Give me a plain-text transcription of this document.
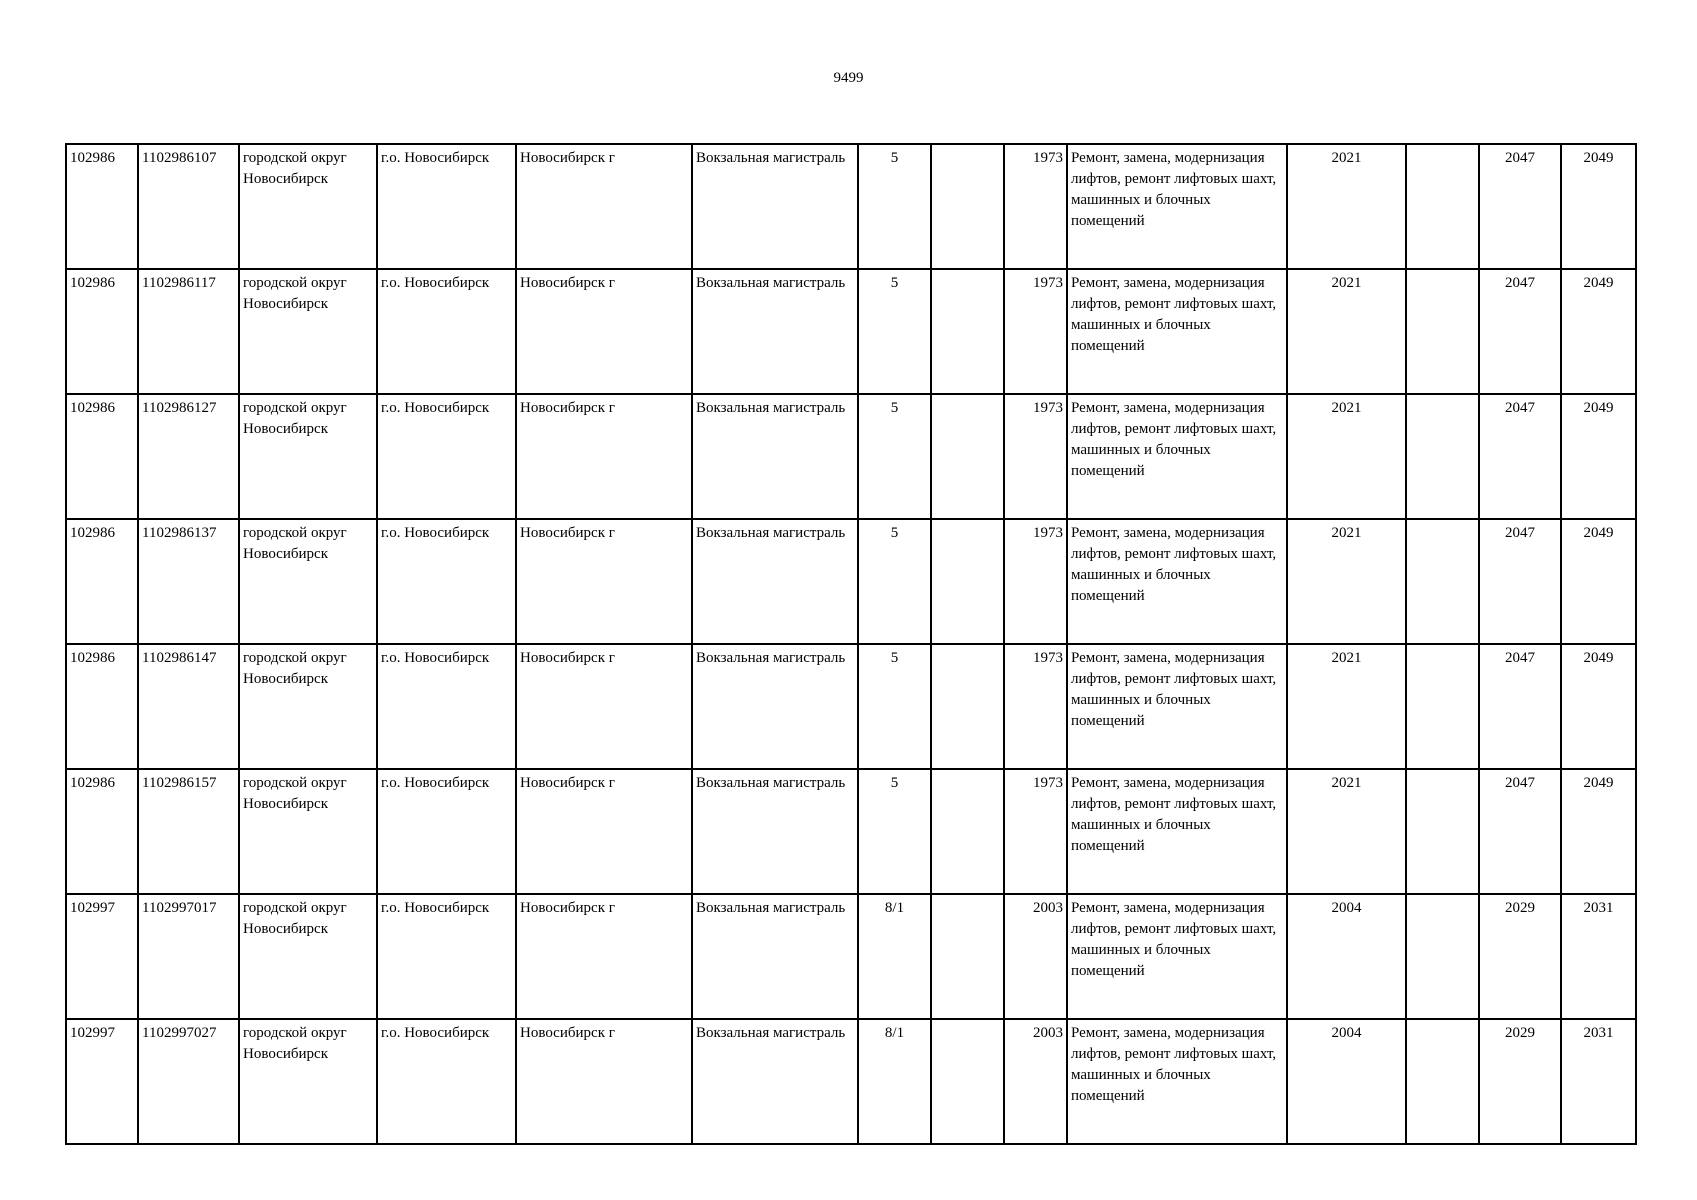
9499
102986	1102986107	городской округ Новосибирск	г.о. Новосибирск	Новосибирск г	Вокзальная магистраль	5		1973	Ремонт, замена, модернизация лифтов, ремонт лифтовых шахт, машинных и блочных помещений	2021		2047	2049
102986	1102986117	городской округ Новосибирск	г.о. Новосибирск	Новосибирск г	Вокзальная магистраль	5		1973	Ремонт, замена, модернизация лифтов, ремонт лифтовых шахт, машинных и блочных помещений	2021		2047	2049
102986	1102986127	городской округ Новосибирск	г.о. Новосибирск	Новосибирск г	Вокзальная магистраль	5		1973	Ремонт, замена, модернизация лифтов, ремонт лифтовых шахт, машинных и блочных помещений	2021		2047	2049
102986	1102986137	городской округ Новосибирск	г.о. Новосибирск	Новосибирск г	Вокзальная магистраль	5		1973	Ремонт, замена, модернизация лифтов, ремонт лифтовых шахт, машинных и блочных помещений	2021		2047	2049
102986	1102986147	городской округ Новосибирск	г.о. Новосибирск	Новосибирск г	Вокзальная магистраль	5		1973	Ремонт, замена, модернизация лифтов, ремонт лифтовых шахт, машинных и блочных помещений	2021		2047	2049
102986	1102986157	городской округ Новосибирск	г.о. Новосибирск	Новосибирск г	Вокзальная магистраль	5		1973	Ремонт, замена, модернизация лифтов, ремонт лифтовых шахт, машинных и блочных помещений	2021		2047	2049
102997	1102997017	городской округ Новосибирск	г.о. Новосибирск	Новосибирск г	Вокзальная магистраль	8/1		2003	Ремонт, замена, модернизация лифтов, ремонт лифтовых шахт, машинных и блочных помещений	2004		2029	2031
102997	1102997027	городской округ Новосибирск	г.о. Новосибирск	Новосибирск г	Вокзальная магистраль	8/1		2003	Ремонт, замена, модернизация лифтов, ремонт лифтовых шахт, машинных и блочных помещений	2004		2029	2031
